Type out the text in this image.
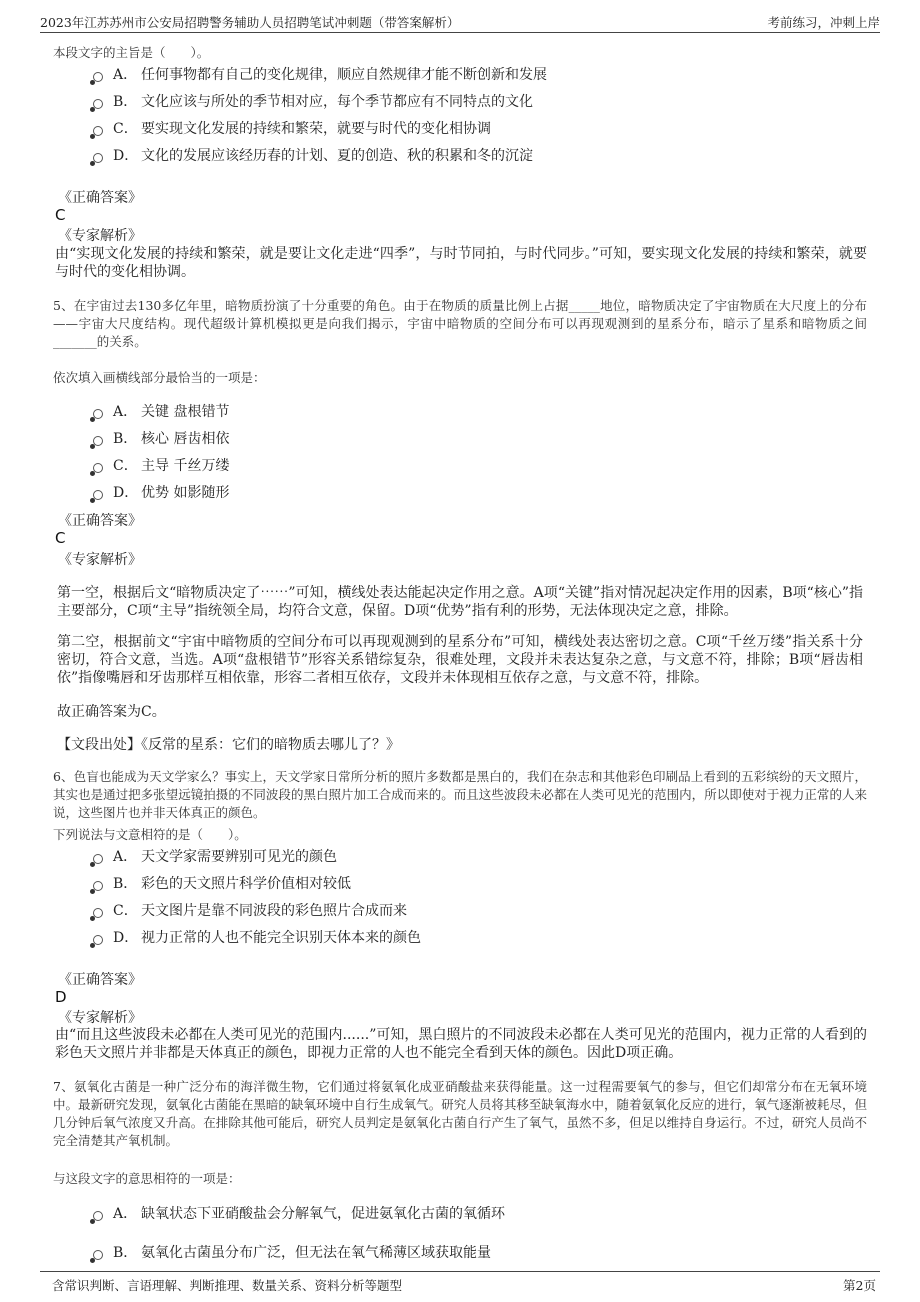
2023年江苏苏州市公安局招聘警务辅助人员招聘笔试冲刺题（带答案解析）	考前练习，冲刺上岸
本段文字的主旨是（　　）。
A． 任何事物都有自己的变化规律，顺应自然规律才能不断创新和发展
B． 文化应该与所处的季节相对应，每个季节都应有不同特点的文化
C． 要实现文化发展的持续和繁荣，就要与时代的变化相协调
D． 文化的发展应该经历春的计划、夏的创造、秋的积累和冬的沉淀
《正确答案》
C
《专家解析》
由“实现文化发展的持续和繁荣，就是要让文化走进“四季”，与时节同拍，与时代同步。”可知，要实现文化发展的持续和繁荣，就要与时代的变化相协调。
5、在宇宙过去130多亿年里，暗物质扮演了十分重要的角色。由于在物质的质量比例上占据_____地位，暗物质决定了宇宙物质在大尺度上的分布——宇宙大尺度结构。现代超级计算机模拟更是向我们揭示，宇宙中暗物质的空间分布可以再现观测到的星系分布，暗示了星系和暗物质之间_______的关系。
依次填入画横线部分最恰当的一项是：
A． 关键 盘根错节
B． 核心 唇齿相依
C． 主导 千丝万缕
D． 优势 如影随形
《正确答案》
C
《专家解析》
第一空，根据后文“暗物质决定了⋯⋯”可知，横线处表达能起决定作用之意。A项“关键”指对情况起决定作用的因素，B项“核心”指主要部分，C项“主导”指统领全局，均符合文意，保留。D项“优势”指有利的形势，无法体现决定之意，排除。
第二空，根据前文“宇宙中暗物质的空间分布可以再现观测到的星系分布”可知，横线处表达密切之意。C项“千丝万缕”指关系十分密切，符合文意，当选。A项“盘根错节”形容关系错综复杂，很难处理，文段并未表达复杂之意，与文意不符，排除；B项“唇齿相依”指像嘴唇和牙齿那样互相依靠，形容二者相互依存，文段并未体现相互依存之意，与文意不符，排除。
故正确答案为C。
【文段出处】《反常的星系：它们的暗物质去哪儿了？》
6、色盲也能成为天文学家么？事实上，天文学家日常所分析的照片多数都是黑白的，我们在杂志和其他彩色印刷品上看到的五彩缤纷的天文照片，其实也是通过把多张望远镜拍摄的不同波段的黑白照片加工合成而来的。而且这些波段未必都在人类可见光的范围内，所以即使对于视力正常的人来说，这些图片也并非天体真正的颜色。
下列说法与文意相符的是（　　）。
A． 天文学家需要辨别可见光的颜色
B． 彩色的天文照片科学价值相对较低
C． 天文图片是靠不同波段的彩色照片合成而来
D． 视力正常的人也不能完全识别天体本来的颜色
《正确答案》
D
《专家解析》
由“而且这些波段未必都在人类可见光的范围内......”可知，黑白照片的不同波段未必都在人类可见光的范围内，视力正常的人看到的彩色天文照片并非都是天体真正的颜色，即视力正常的人也不能完全看到天体的颜色。因此D项正确。
7、氨氧化古菌是一种广泛分布的海洋微生物，它们通过将氨氧化成亚硝酸盐来获得能量。这一过程需要氧气的参与，但它们却常分布在无氧环境中。最新研究发现，氨氧化古菌能在黑暗的缺氧环境中自行生成氧气。研究人员将其移至缺氧海水中，随着氨氧化反应的进行，氧气逐渐被耗尽，但几分钟后氧气浓度又升高。在排除其他可能后，研究人员判定是氨氧化古菌自行产生了氧气，虽然不多，但足以维持自身运行。不过，研究人员尚不完全清楚其产氧机制。
与这段文字的意思相符的一项是：
A． 缺氧状态下亚硝酸盐会分解氧气，促进氨氧化古菌的氧循环
B． 氨氧化古菌虽分布广泛，但无法在氧气稀薄区域获取能量
含常识判断、言语理解、判断推理、数量关系、资料分析等题型	第2页
